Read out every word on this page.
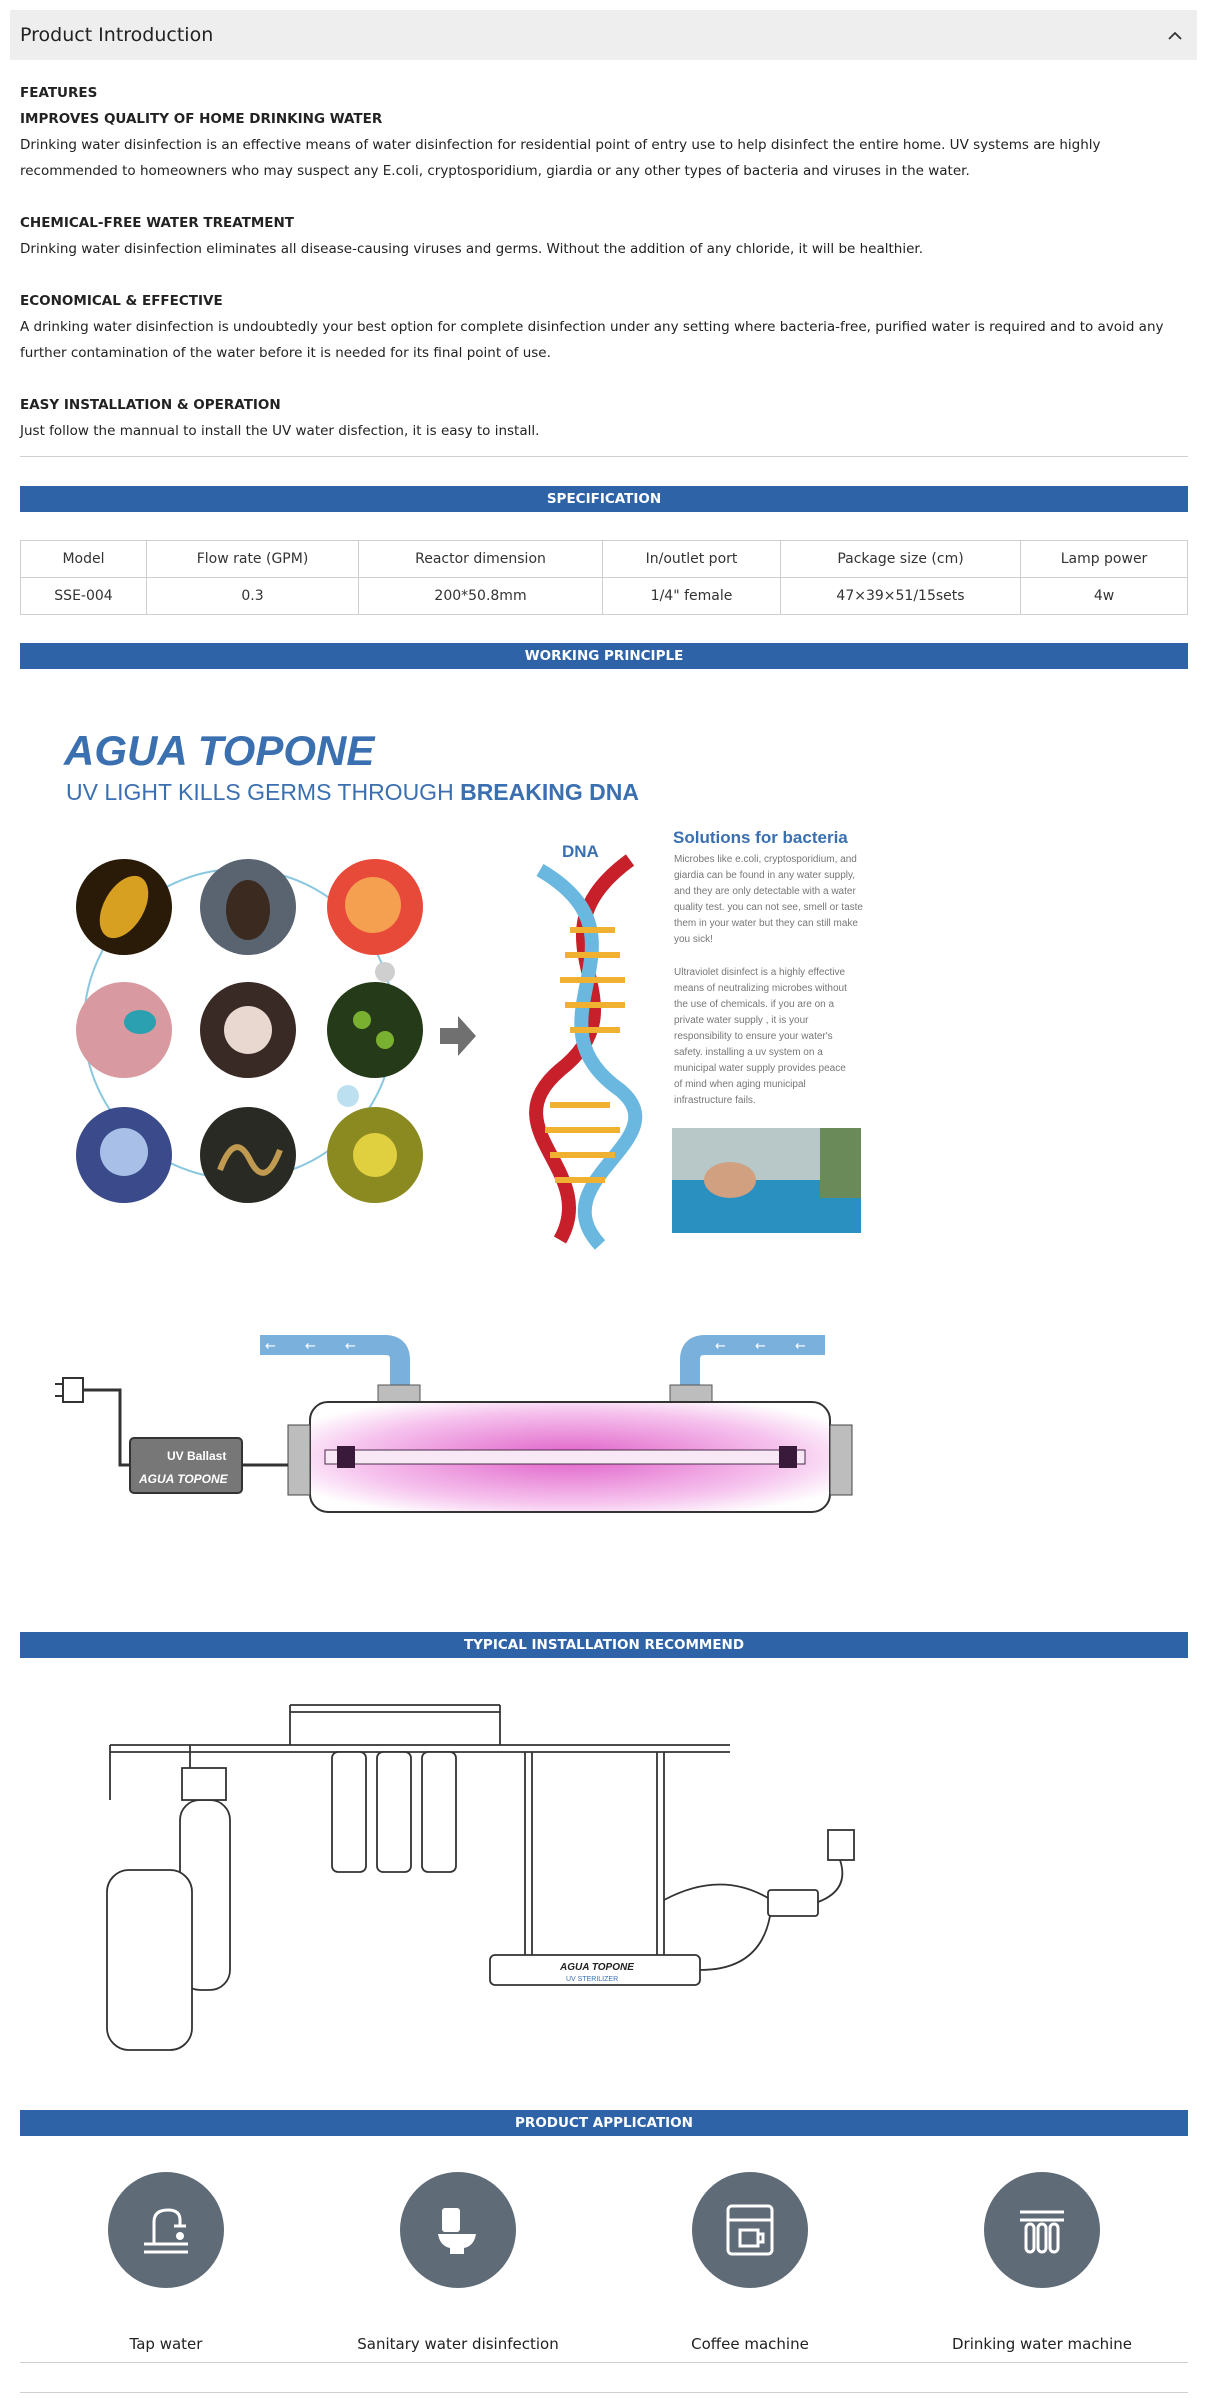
Product Introduction
FEATURES
IMPROVES QUALITY OF HOME DRINKING WATER
Drinking water disinfection is an effective means of water disinfection for residential point of entry use to help disinfect the entire home. UV systems are highly recommended to homeowners who may suspect any E.coli, cryptosporidium, giardia or any other types of bacteria and viruses in the water.
CHEMICAL-FREE WATER TREATMENT
Drinking water disinfection eliminates all disease-causing viruses and germs. Without the addition of any chloride, it will be healthier.
ECONOMICAL & EFFECTIVE
A drinking water disinfection is undoubtedly your best option for complete disinfection under any setting where bacteria-free, purified water is required and to avoid any further contamination of the water before it is needed for its final point of use.
EASY INSTALLATION & OPERATION
Just follow the mannual to install the UV water disfection, it is easy to install.
SPECIFICATION
Model	Flow rate (GPM)	Reactor dimension	In/outlet port	Package size (cm)	Lamp power
SSE-004	0.3	200*50.8mm	1/4" female	47×39×51/15sets	4w
WORKING PRINCIPLE
AGUA TOPONE
UV LIGHT KILLS GERMS THROUGH BREAKING DNA
DNA
Solutions for bacteria
Microbes like e.coli, cryptosporidium, and
giardia can be found in any water supply,
and they are only detectable with a water
quality test. you can not see, smell or taste
them in your water but they can still make
you sick!
Ultraviolet disinfect is a highly effective
means of neutralizing microbes without
the use of chemicals. if you are on a
private water supply , it is your
responsibility to ensure your water's
safety. installing a uv system on a
municipal water supply provides peace
of mind when aging municipal
infrastructure fails.
← ← ←	← ← ←
UV Ballast
AGUA TOPONE
TYPICAL INSTALLATION RECOMMEND
AGUA TOPONE
UV STERILIZER
PRODUCT APPLICATION
Tap water	Sanitary water disinfection	Coffee machine	Drinking water machine
